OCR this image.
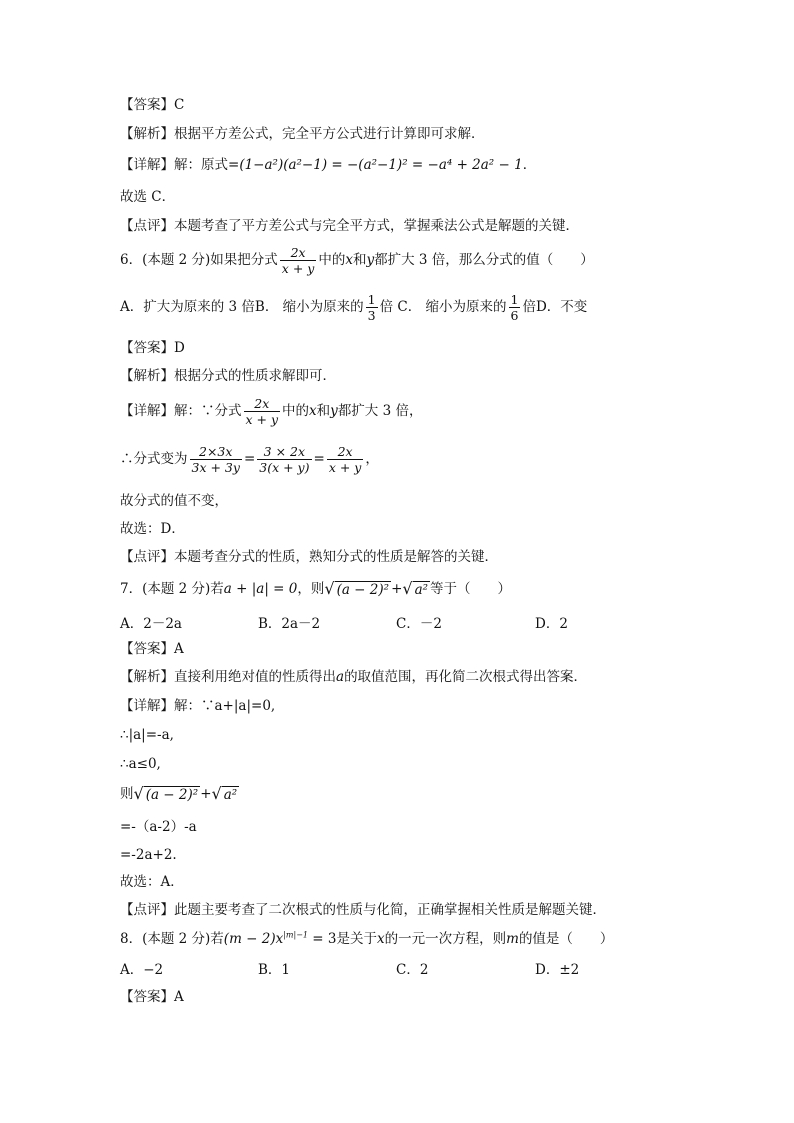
【答案】C
【解析】根据平方差公式，完全平方公式进行计算即可求解．
【详解】解：原式=(1−a²)(a²−1) = −(a²−1)² = −a⁴ + 2a² − 1．
故选 C．
【点评】本题考查了平方差公式与完全平方式，掌握乘法公式是解题的关键．
6．(本题 2 分)如果把分式 $\frac{2x}{x + y}$ 中的x和y都扩大 3 倍，那么分式的值（　　）
A．扩大为原来的 3 倍B． 缩小为原来的 $\frac{1}{3}$ 倍 C． 缩小为原来的 $\frac{1}{6}$ 倍D．不变
【答案】D
【解析】根据分式的性质求解即可．
【详解】解：∵分式 $\frac{2x}{x + y}$ 中的x和y都扩大 3 倍，
∴分式变为 $\frac{2\times 3x}{3x + 3y} = \frac{3 \times 2x}{3(x + y)} = \frac{2x}{x + y}$ ，
故分式的值不变，
故选：D．
【点评】本题考查分式的性质，熟知分式的性质是解答的关键．
7．(本题 2 分)若a + |a| = 0，则√ (a − 2)² +√ a² 等于（　　）
A．2－2a	B．2a－2	C．－2	D．2
【答案】A
【解析】直接利用绝对值的性质得出a的取值范围，再化简二次根式得出答案．
【详解】解：∵a+|a|=0,
∴|a|=-a,
∴a≤0,
则√ (a − 2)² +√ a²
=-（a-2）-a
=-2a+2.
故选：A．
【点评】此题主要考查了二次根式的性质与化简，正确掌握相关性质是解题关键．
8．(本题 2 分)若$(m - 2)x^{|m|-1} = 3$是关于x的一元一次方程，则m的值是（　　）
A．−2	B．1	C．2	D．±2
【答案】A
